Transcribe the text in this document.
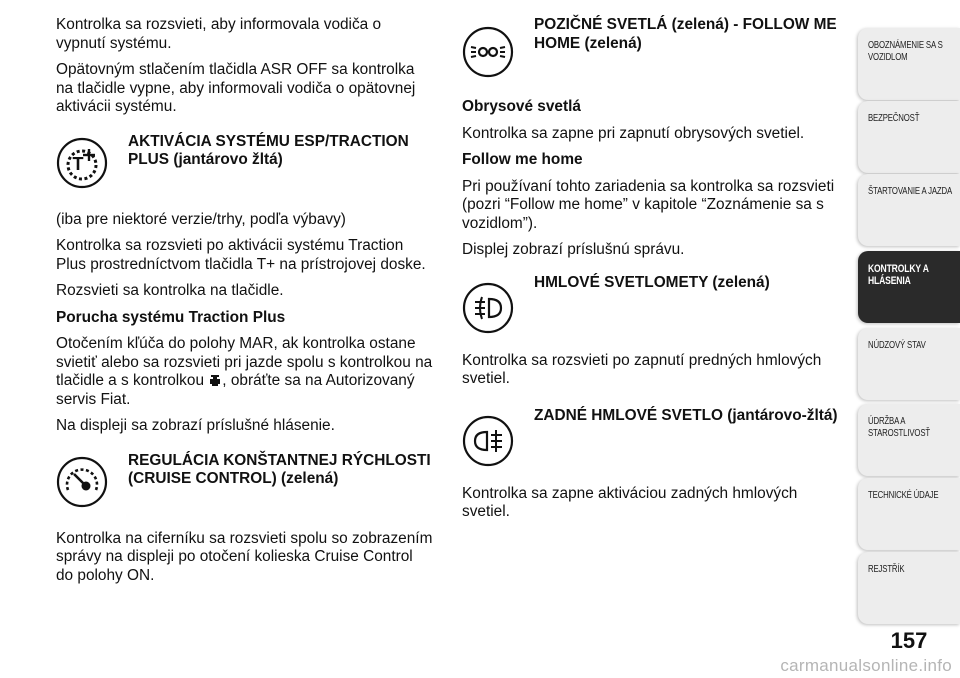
Kontrolka sa rozsvieti, aby informovala vodiča o vypnutí systému.

Opätovným stlačením tlačidla ASR OFF sa kontrolka na tlačidle vypne, aby informovali vodiča o opätovnej aktivácii systému.

T
AKTIVÁCIA SYSTÉMU ESP/TRACTION PLUS (jantárovo žltá)

(iba pre niektoré verzie/trhy, podľa výbavy)

Kontrolka sa rozsvieti po aktivácii systému Traction Plus prostredníctvom tlačidla T+ na prístrojovej doske.

Rozsvieti sa kontrolka na tlačidle.

Porucha systému Traction Plus

Otočením kľúča do polohy MAR, ak kontrolka ostane svietiť alebo sa rozsvieti pri jazde spolu s kontrolkou na tlačidle a s kontrolkou
, obráťte sa na Autorizovaný servis Fiat.

Na displeji sa zobrazí príslušné hlásenie.

REGULÁCIA KONŠTANTNEJ RÝCHLOSTI (CRUISE CONTROL) (zelená)

Kontrolka na ciferníku sa rozsvieti spolu so zobrazením správy na displeji po otočení kolieska Cruise Control do polohy ON.

POZIČNÉ SVETLÁ (zelená) - FOLLOW ME HOME (zelená)

Obrysové svetlá

Kontrolka sa zapne pri zapnutí obrysových svetiel.

Follow me home

Pri používaní tohto zariadenia sa kontrolka sa rozsvieti (pozri “Follow me home” v kapitole “Zoznámenie sa s vozidlom”).

Displej zobrazí príslušnú správu.

HMLOVÉ SVETLOMETY (zelená)

Kontrolka sa rozsvieti po zapnutí predných hmlových svetiel.

ZADNÉ HMLOVÉ SVETLO (jantárovo-žltá)

Kontrolka sa zapne aktiváciou zadných hmlových svetiel.

OBOZNÁMENIE SA S VOZIDLOM
BEZPEČNOSŤ
ŠTARTOVANIE A JAZDA
KONTROLKY A HLÁSENIA
NÚDZOVÝ STAV
ÚDRŽBA A STAROSTLIVOSŤ
TECHNICKÉ ÚDAJE
REJSTŘÍK
157
carmanualsonline.info
